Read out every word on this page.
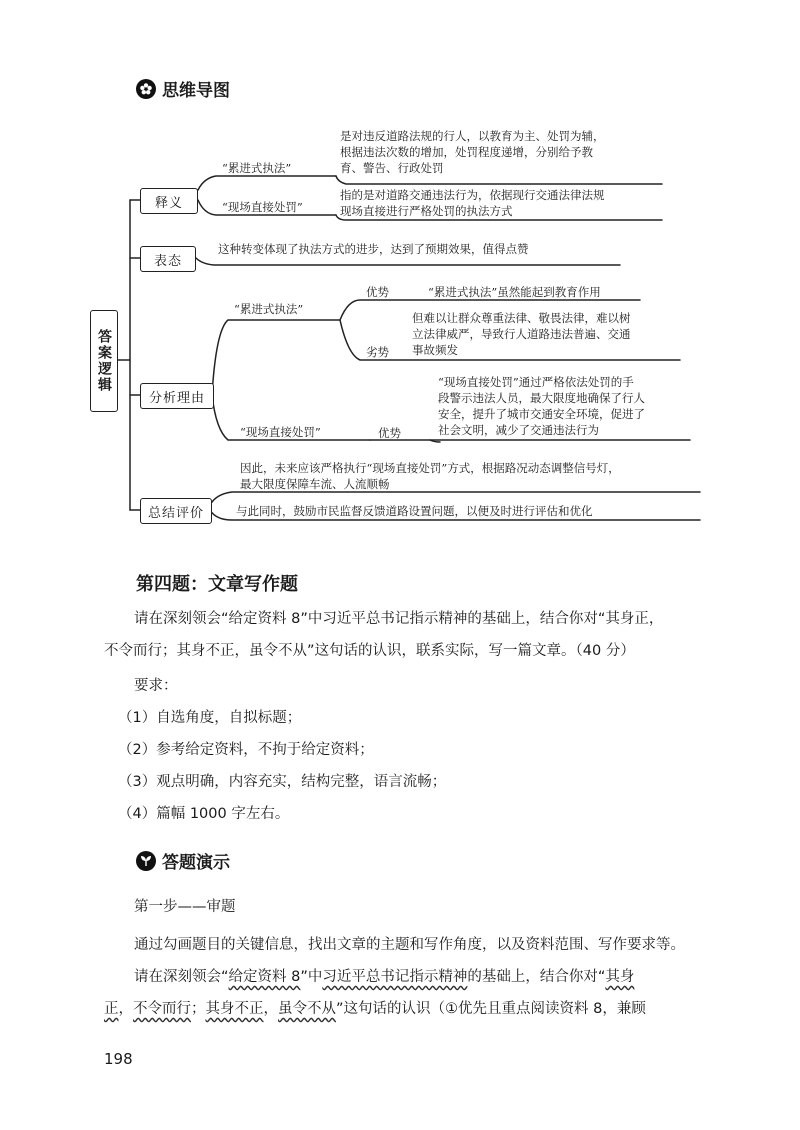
思维导图
答案逻辑
释义
表态
分析理由
总结评价
“累进式执法”
是对违反道路法规的行人，以教育为主、处罚为辅，
根据违法次数的增加，处罚程度递增，分别给予教
育、警告、行政处罚
“现场直接处罚”
指的是对道路交通违法行为，依据现行交通法律法规
现场直接进行严格处罚的执法方式
这种转变体现了执法方式的进步，达到了预期效果，值得点赞
“累进式执法”
优势	“累进式执法”虽然能起到教育作用
劣势
但难以让群众尊重法律、敬畏法律，难以树
立法律威严，导致行人道路违法普遍、交通
事故频发
“现场直接处罚”	优势
“现场直接处罚”通过严格依法处罚的手
段警示违法人员，最大限度地确保了行人
安全，提升了城市交通安全环境，促进了
社会文明，减少了交通违法行为
因此，未来应该严格执行“现场直接处罚”方式，根据路况动态调整信号灯，
最大限度保障车流、人流顺畅
与此同时，鼓励市民监督反馈道路设置问题，以便及时进行评估和优化
第四题：文章写作题
请在深刻领会“给定资料 8”中习近平总书记指示精神的基础上，结合你对“其身正，
不令而行；其身不正，虽令不从”这句话的认识，联系实际，写一篇文章。（40 分）
要求：
（1）自选角度，自拟标题；
（2）参考给定资料，不拘于给定资料；
（3）观点明确，内容充实，结构完整，语言流畅；
（4）篇幅 1000 字左右。
答题演示
第一步——审题
通过勾画题目的关键信息，找出文章的主题和写作角度，以及资料范围、写作要求等。
请在深刻领会“给定资料 8”中习近平总书记指示精神的基础上，结合你对“其身
正，不令而行；其身不正，虽令不从”这句话的认识（①优先且重点阅读资料 8，兼顾
198
